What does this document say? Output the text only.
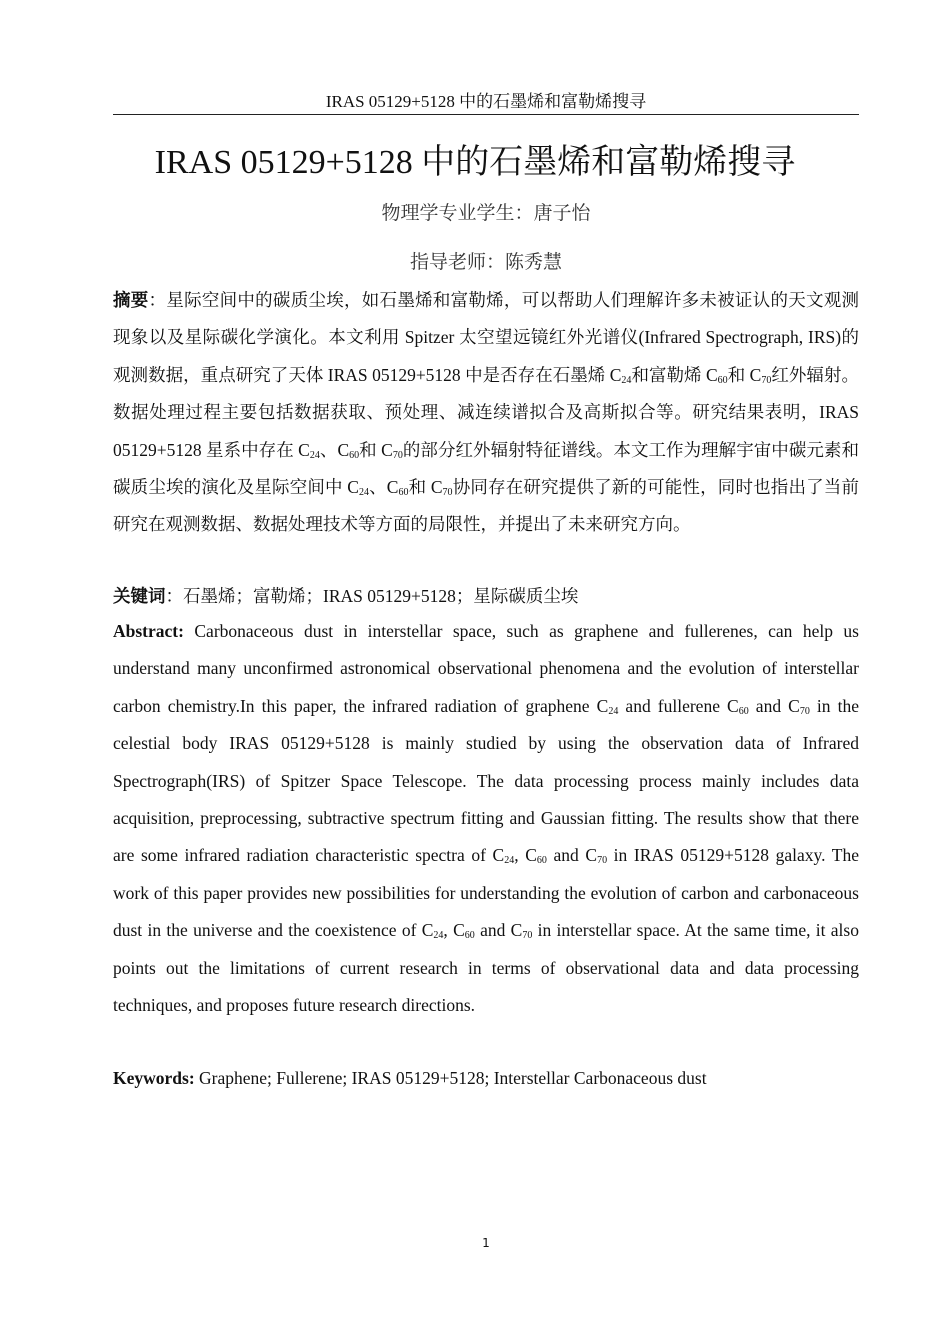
IRAS 05129+5128 中的石墨烯和富勒烯搜寻
IRAS 05129+5128 中的石墨烯和富勒烯搜寻
物理学专业学生：唐子怡
指导老师：陈秀慧
摘要：星际空间中的碳质尘埃，如石墨烯和富勒烯，可以帮助人们理解许多未被证认的天文观测现象以及星际碳化学演化。本文利用 Spitzer 太空望远镜红外光谱仪(Infrared Spectrograph, IRS)的观测数据，重点研究了天体 IRAS 05129+5128 中是否存在石墨烯 $C_{24}$和富勒烯 $C_{60}$和 $C_{70}$红外辐射。数据处理过程主要包括数据获取、预处理、减连续谱拟合及高斯拟合等。研究结果表明，IRAS 05129+5128 星系中存在 $C_{24}$、$C_{60}$和 $C_{70}$的部分红外辐射特征谱线。本文工作为理解宇宙中碳元素和碳质尘埃的演化及星际空间中 $C_{24}$、$C_{60}$和 $C_{70}$协同存在研究提供了新的可能性，同时也指出了当前研究在观测数据、数据处理技术等方面的局限性，并提出了未来研究方向。
关键词：石墨烯；富勒烯；IRAS 05129+5128；星际碳质尘埃
Abstract: Carbonaceous dust in interstellar space, such as graphene and fullerenes, can help us understand many unconfirmed astronomical observational phenomena and the evolution of interstellar carbon chemistry.In this paper, the infrared radiation of graphene $C_{24}$ and fullerene $C_{60}$ and $C_{70}$ in the celestial body IRAS 05129+5128 is mainly studied by using the observation data of Infrared Spectrograph(IRS) of Spitzer Space Telescope. The data processing process mainly includes data acquisition, preprocessing, subtractive spectrum fitting and Gaussian fitting. The results show that there are some infrared radiation characteristic spectra of $C_{24}$, $C_{60}$ and $C_{70}$ in IRAS 05129+5128 galaxy. The work of this paper provides new possibilities for understanding the evolution of carbon and carbonaceous dust in the universe and the coexistence of $C_{24}$, $C_{60}$ and $C_{70}$ in interstellar space. At the same time, it also points out the limitations of current research in terms of observational data and data processing techniques, and proposes future research directions.
Keywords: Graphene; Fullerene; IRAS 05129+5128; Interstellar Carbonaceous dust
1
